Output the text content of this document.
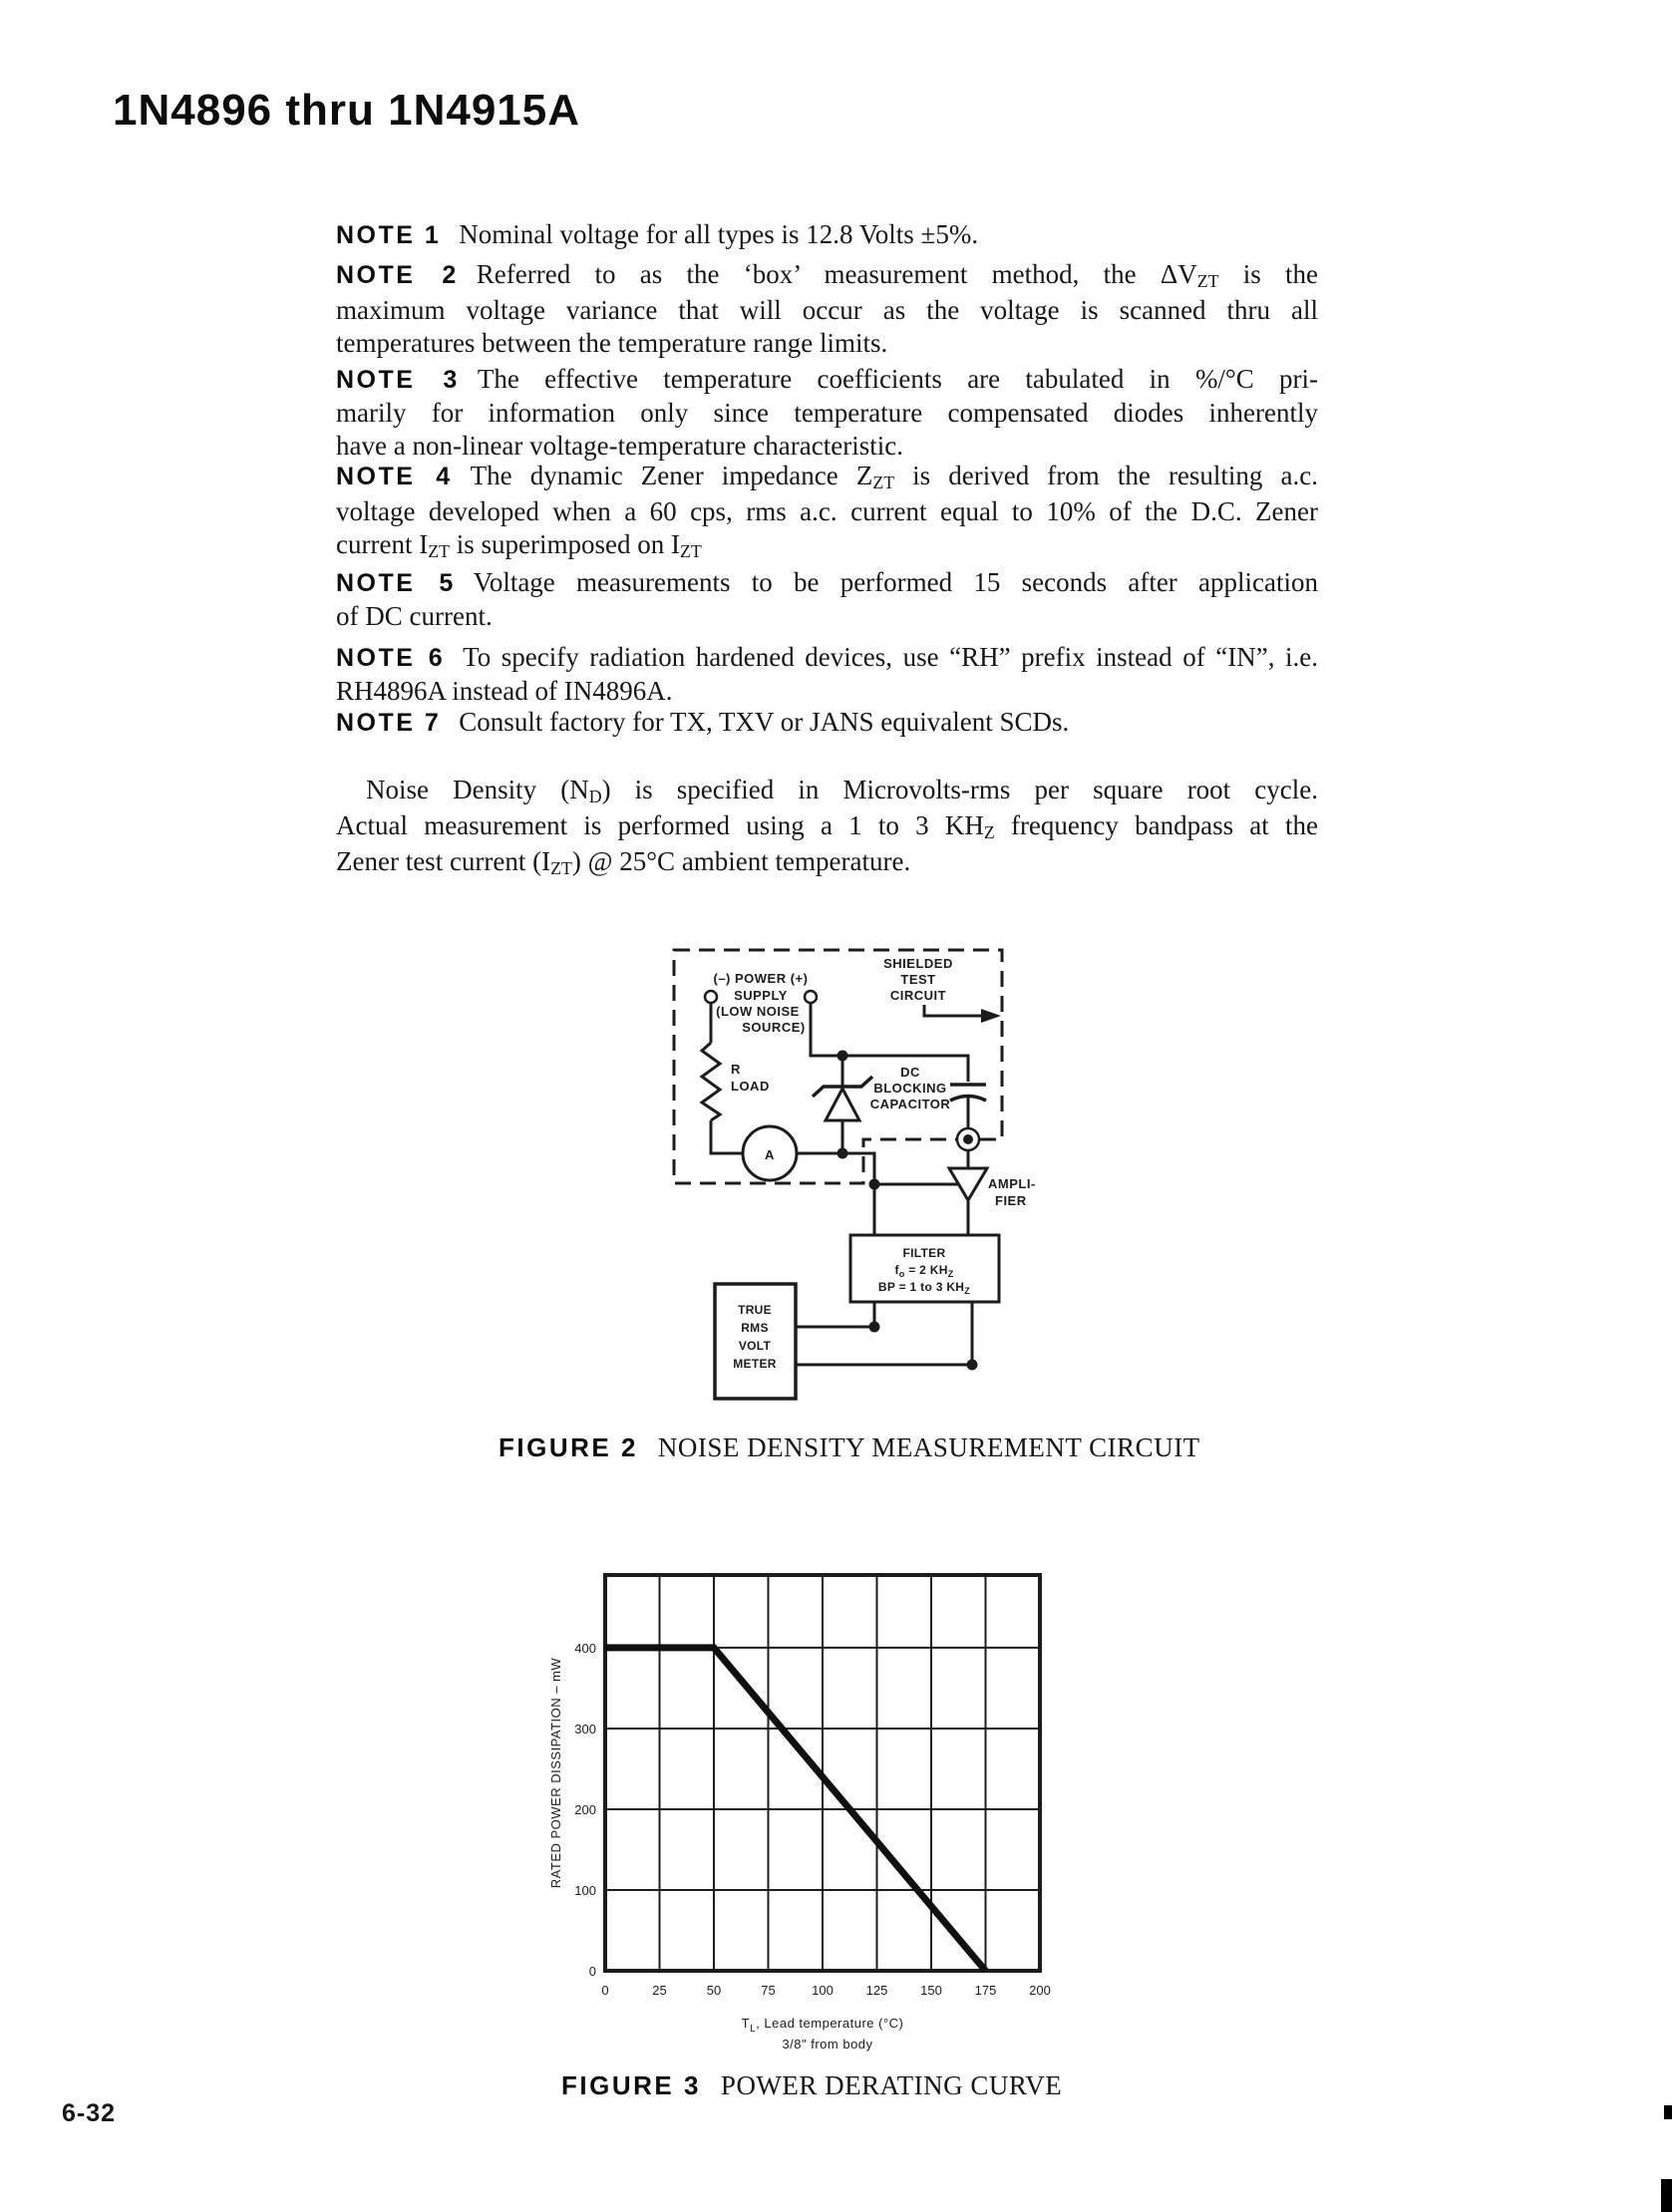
1N4896 thru 1N4915A
NOTE 1 Nominal voltage for all types is 12.8 Volts ±5%.
NOTE 2 Referred to as the ‘box’ measurement method, the ΔVZT is the
maximum voltage variance that will occur as the voltage is scanned thru all
temperatures between the temperature range limits.
NOTE 3 The effective temperature coefficients are tabulated in %/°C pri-
marily for information only since temperature compensated diodes inherently
have a non-linear voltage-temperature characteristic.
NOTE 4 The dynamic Zener impedance ZZT is derived from the resulting a.c.
voltage developed when a 60 cps, rms a.c. current equal to 10% of the D.C. Zener
current IZT is superimposed on IZT
NOTE 5 Voltage measurements to be performed 15 seconds after application
of DC current.
NOTE 6 To specify radiation hardened devices, use “RH” prefix instead of “IN”, i.e.
RH4896A instead of IN4896A.
NOTE 7 Consult factory for TX, TXV or JANS equivalent SCDs.
Noise Density (ND) is specified in Microvolts-rms per square root cycle.
Actual measurement is performed using a 1 to 3 KHZ frequency bandpass at the
Zener test current (IZT) @ 25°C ambient temperature.
SHIELDED
TEST
CIRCUIT
(–) POWER (+)
SUPPLY
(LOW NOISE
SOURCE)
R
LOAD
A
DC
BLOCKING
CAPACITOR
AMPLI-
FIER
FILTER
$f_o = 2$ $KH_Z$
BP = 1 to 3 $KH_Z$
TRUE
RMS
VOLT
METER
FIGURE 2 NOISE DENSITY MEASUREMENT CIRCUIT
0	25	50	75	100	125	150	175	200
0
100
200
300
400
RATED POWER DISSIPATION – mW
$T_L$, Lead temperature (°C)
3/8" from body
FIGURE 3 POWER DERATING CURVE
6-32
